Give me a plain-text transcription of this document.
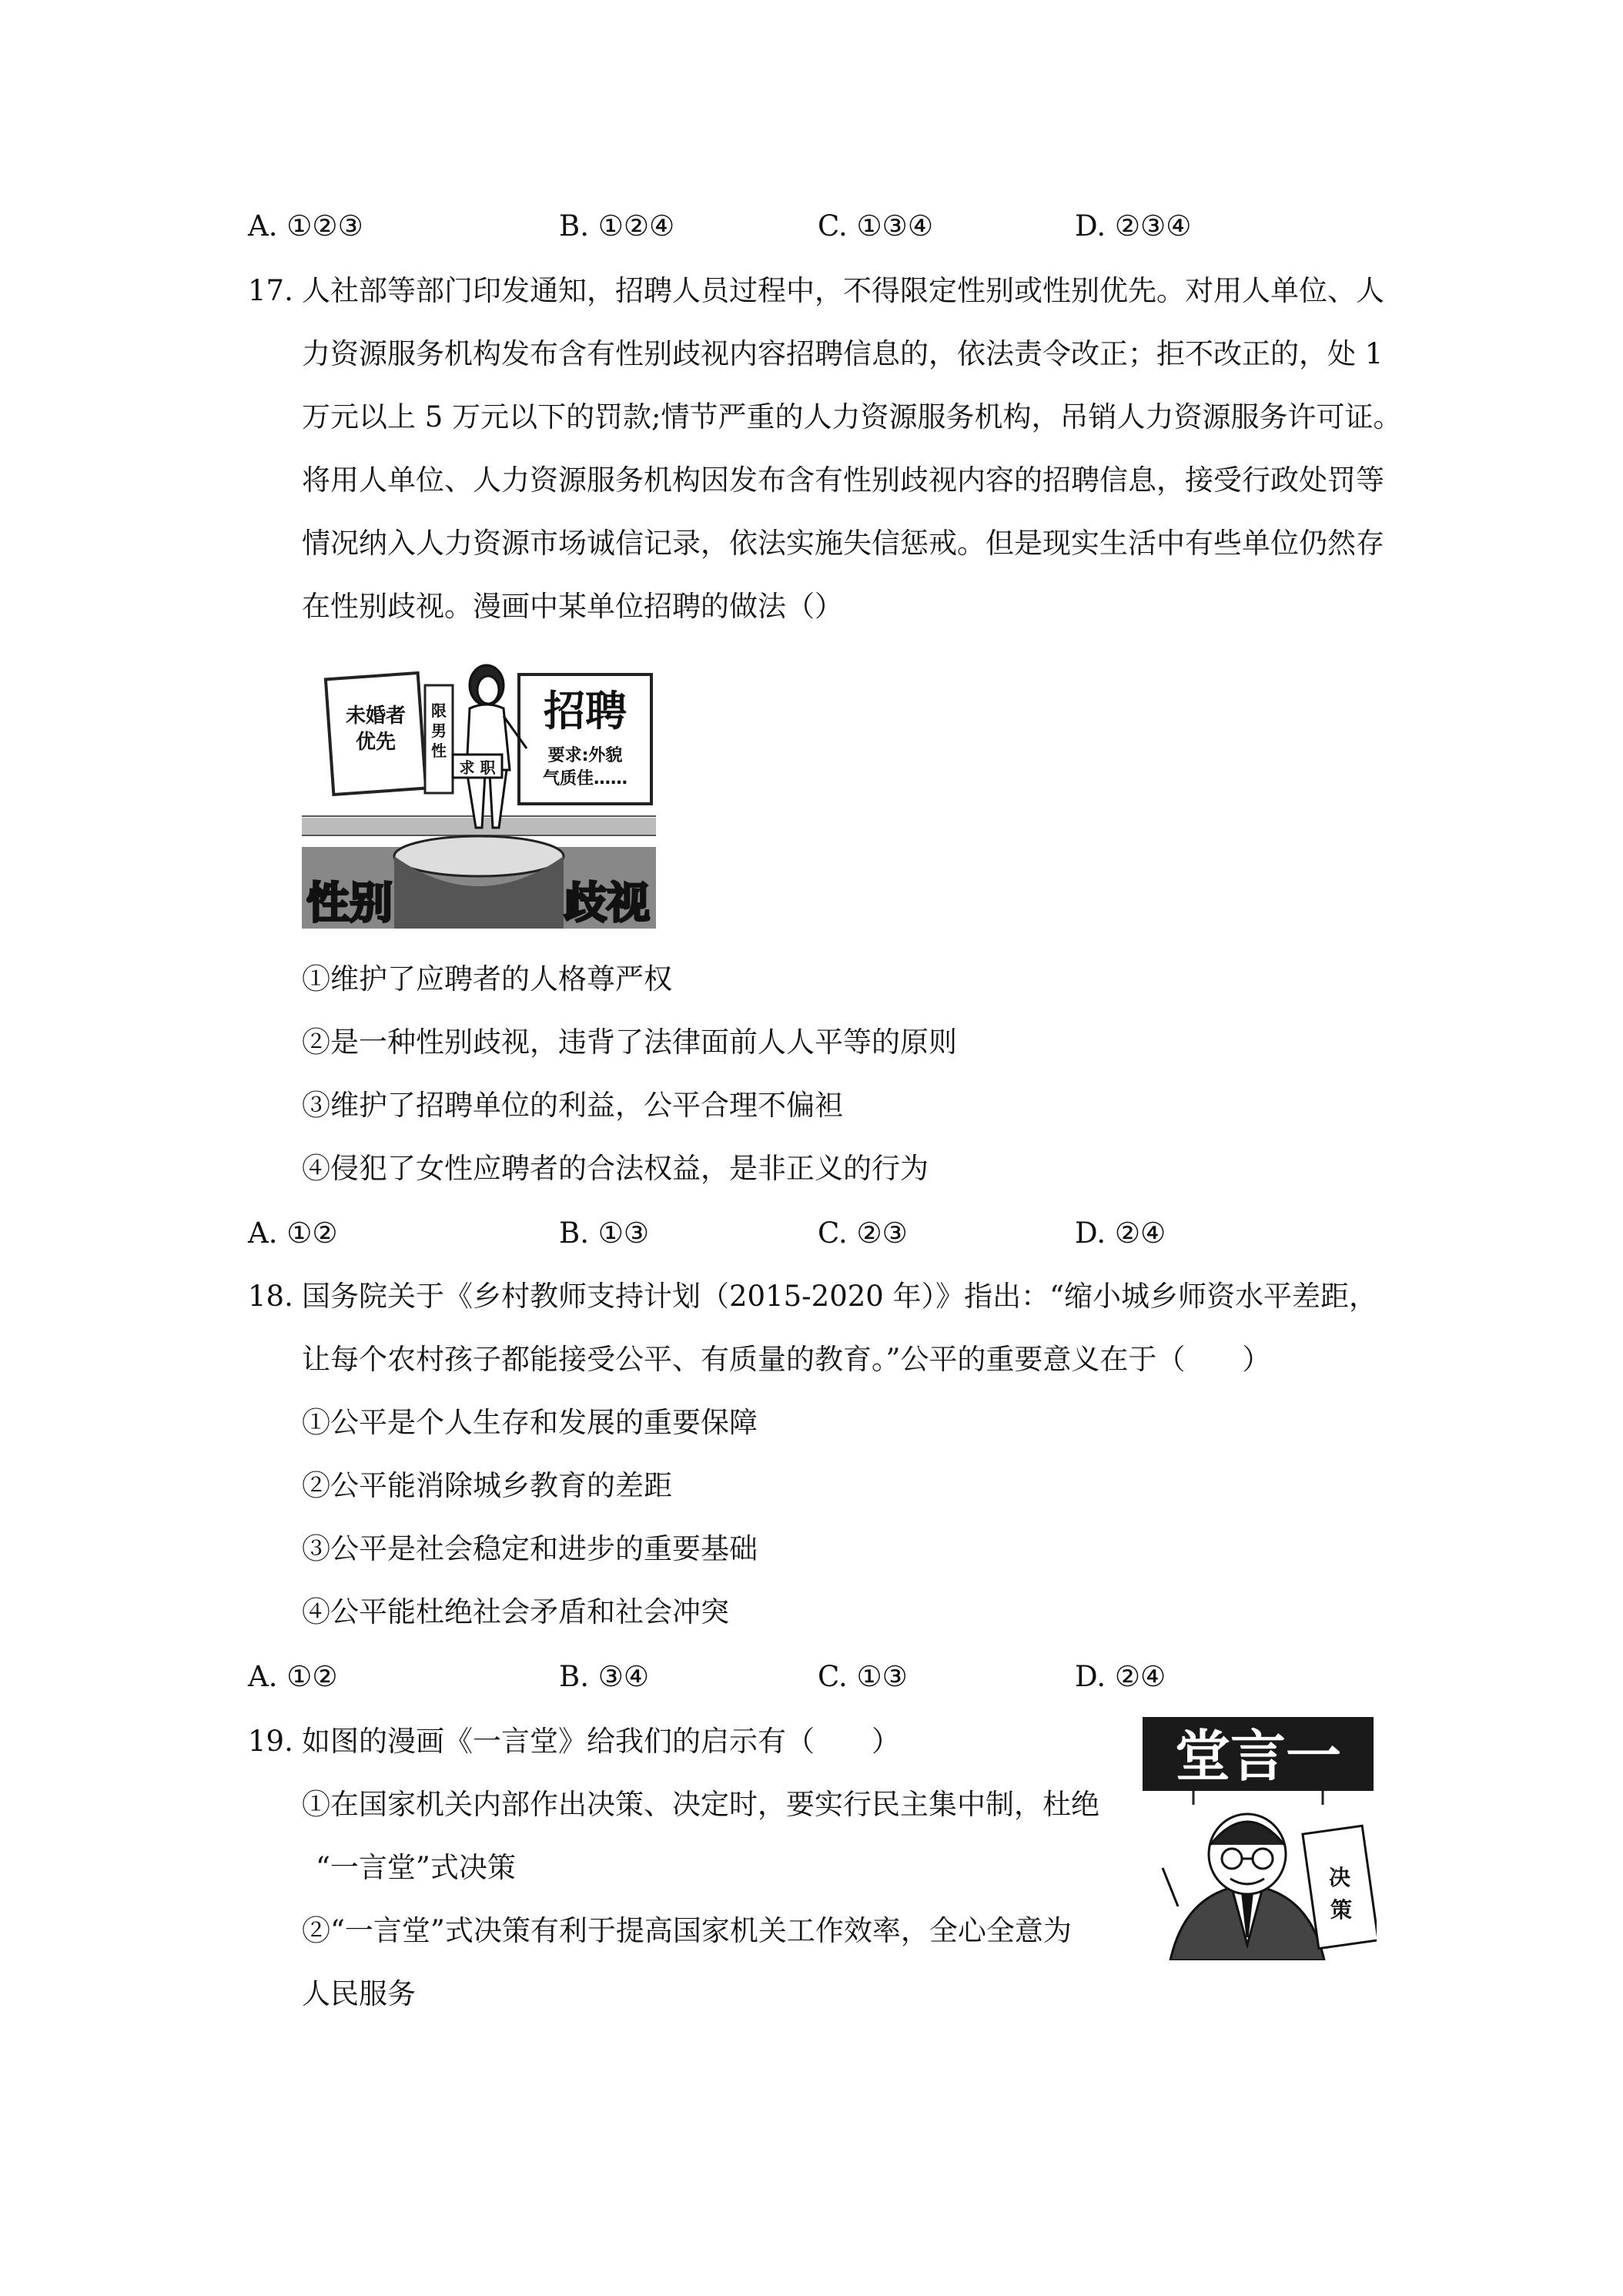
A. ①②③	B. ①②④	C. ①③④	D. ②③④
17. 人社部等部门印发通知，招聘人员过程中，不得限定性别或性别优先。对用人单位、人
力资源服务机构发布含有性别歧视内容招聘信息的，依法责令改正；拒不改正的，处 1
万元以上 5 万元以下的罚款;情节严重的人力资源服务机构，吊销人力资源服务许可证。
将用人单位、人力资源服务机构因发布含有性别歧视内容的招聘信息，接受行政处罚等
情况纳入人力资源市场诚信记录，依法实施失信惩戒。但是现实生活中有些单位仍然存
在性别歧视。漫画中某单位招聘的做法（）
未婚者
优先
限
男
性
招聘
要求:外貌
气质佳……
求 职
性别	歧视
①维护了应聘者的人格尊严权
②是一种性别歧视，违背了法律面前人人平等的原则
③维护了招聘单位的利益，公平合理不偏袒
④侵犯了女性应聘者的合法权益，是非正义的行为
A. ①②	B. ①③	C. ②③	D. ②④
18. 国务院关于《乡村教师支持计划（2015-2020 年）》指出：“缩小城乡师资水平差距，
让每个农村孩子都能接受公平、有质量的教育。”公平的重要意义在于（　　）
①公平是个人生存和发展的重要保障
②公平能消除城乡教育的差距
③公平是社会稳定和进步的重要基础
④公平能杜绝社会矛盾和社会冲突
A. ①②	B. ③④	C. ①③	D. ②④
19. 如图的漫画《一言堂》给我们的启示有（　　）
①在国家机关内部作出决策、决定时，要实行民主集中制，杜绝
“一言堂”式决策
②“一言堂”式决策有利于提高国家机关工作效率，全心全意为
人民服务
堂言一
决
策
